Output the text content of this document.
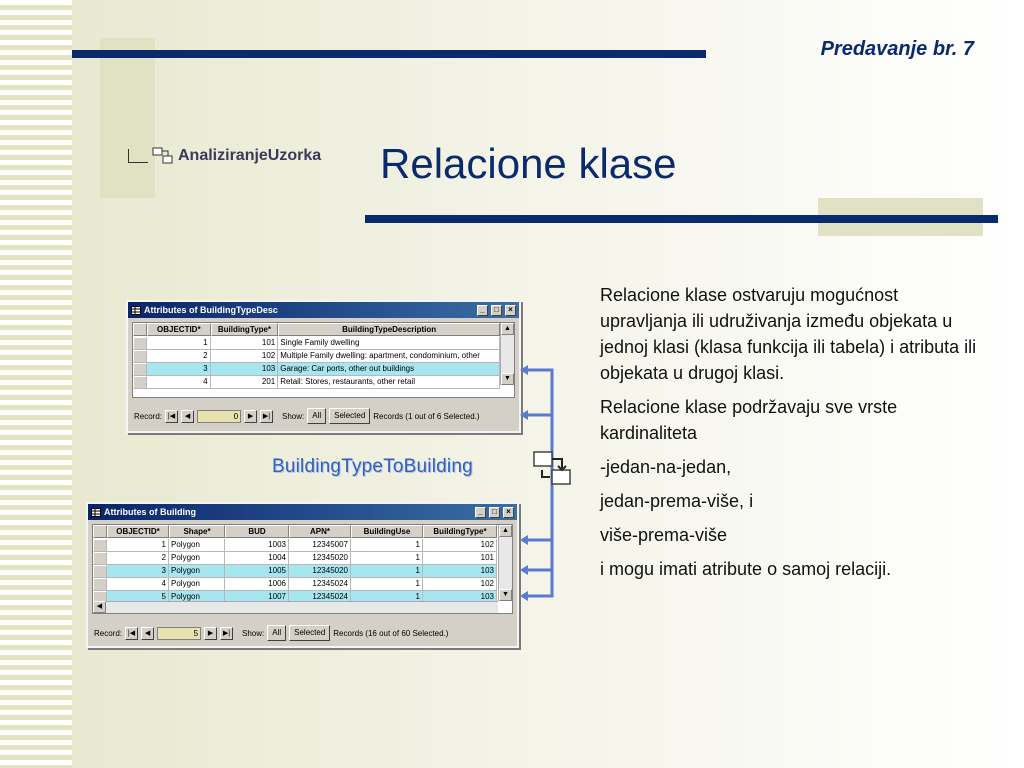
Predavanje br. 7
Relacione klase
AnaliziranjeUzorka
Attributes of BuildingTypeDesc	_	□	×
OBJECTID*	BuildingType*	BuildingTypeDescription
1	101 Single Family dwelling
2	102 Multiple Family dwelling: apartment, condominium, other
3	103 Garage: Car ports, other out buildings
4	201 Retail: Stores, restaurants, other retail
▲
▼
Record: |◀	◀	0	▶	▶|	Show:	All	Selected	Records (1 out of 6 Selected.)
Attributes of Building	_	□	×
OBJECTID*	Shape*	BUD	APN*	BuildingUse	BuildingType*
1 Polygon	1003	12345007	1	102
2 Polygon	1004	12345020	1	101
3 Polygon	1005	12345020	1	103
4 Polygon	1006	12345024	1	102
5 Polygon	1007	12345024	1	103
▲
▼
◀
Record: |◀	◀	5	▶	▶|	Show:	All	Selected	Records (16 out of 60 Selected.)
BuildingTypeToBuilding

Relacione klase ostvaruju mogućnost upravljanja ili udruživanja između objekata u jednoj klasi (klasa funkcija ili tabela) i atributa ili objekata u drugoj klasi.

Relacione klase podržavaju sve vrste kardinaliteta

-jedan-na-jedan,

jedan-prema-više, i

više-prema-više

i mogu imati atribute o samoj relaciji.
